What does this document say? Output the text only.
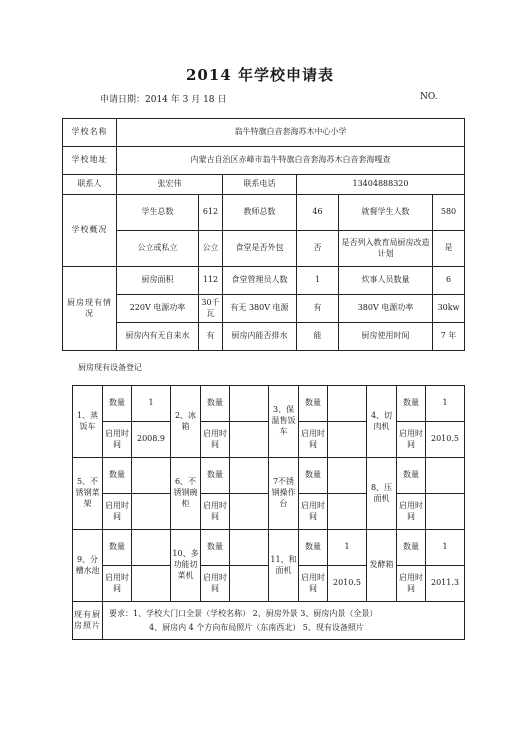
2014 年学校申请表
申请日期：2014 年 3 月 18 日	NO.
学校名称	翁牛特旗白音套海苏木中心小学					
学校地址	内蒙古自治区赤峰市翁牛特旗白音套海苏木白音套海嘎查					
联系人	张宏伟		联系电话	13404888320		
学校概况	学生总数	612	教师总数	46	就餐学生人数	580
	公立或私立	公立	食堂是否外包	否	是否列入教育局厨房改造计划	是
厨房现有情况	厨房面积	112	食堂管理员人数	1	炊事人员数量	6
	220V 电源功率	30千瓦	有无 380V 电源	有	380V 电源功率	30kw
	厨房内有无自来水	有	厨房内能否排水	能	厨房使用时间	7 年
厨房现有设备登记
1、蒸饭车	数量	1	2、冰箱	数量		3、保温售饭车	数量		4、切肉机	数量	1
	启用时间	2008.9		启用时间			启用时间			启用时间	2010.5
5、不锈钢菜架	数量		6、不锈钢碗柜	数量		7不锈钢操作台	数量		8、压面机	数量	
	启用时间			启用时间			启用时间			启用时间	
9、分槽水池	数量		10、多功能切菜机	数量		11、和面机	数量	1	发酵箱	数量	1
	启用时间			启用时间			启用时间	2010.5		启用时间	2011.3
现有厨房照片	要求：1、学校大门口全景（学校名称） 2、厨房外景 3、厨房内景（全景）
4、厨房内 4 个方向布局照片（东南西北） 5、现有设备照片										
